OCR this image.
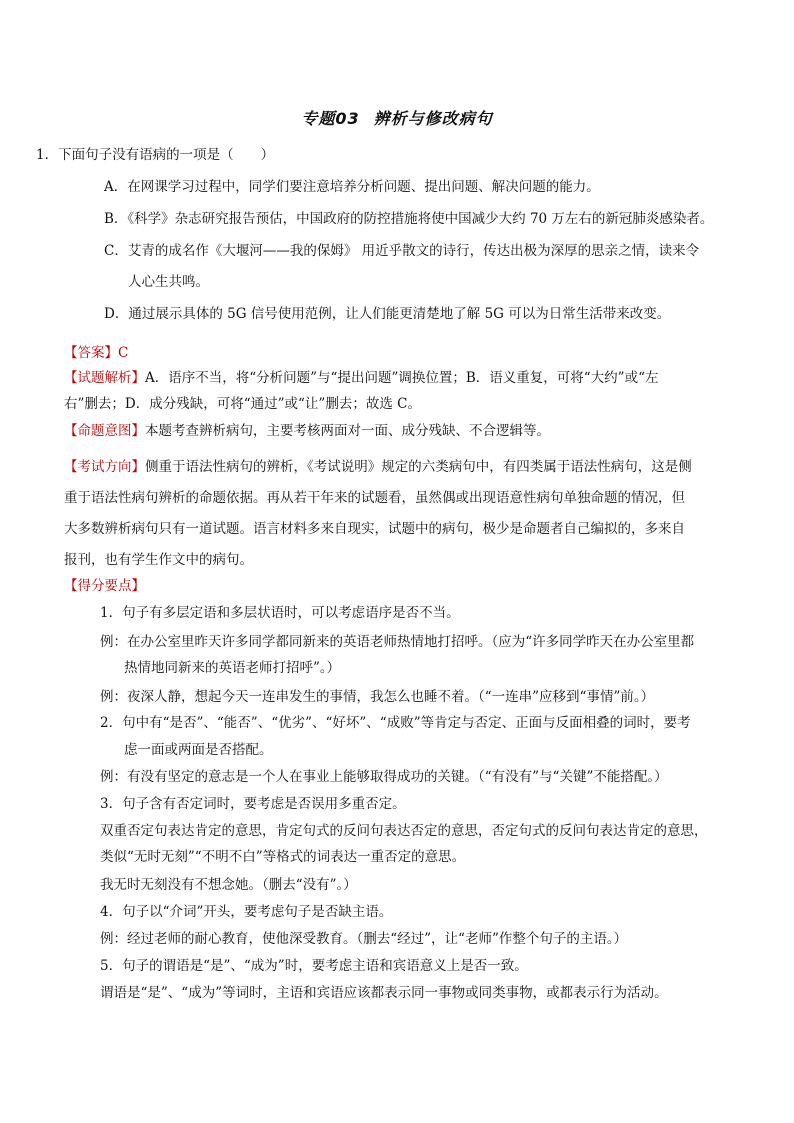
专题03 辨析与修改病句
1．下面句子没有语病的一项是（　　）
A．在网课学习过程中，同学们要注意培养分析问题、提出问题、解决问题的能力。
B．《科学》杂志研究报告预估，中国政府的防控措施将使中国减少大约 70 万左右的新冠肺炎感染者。
C．艾青的成名作《大堰河——我的保姆》 用近乎散文的诗行，传达出极为深厚的思亲之情，读来令
人心生共鸣。
D．通过展示具体的 5G 信号使用范例，让人们能更清楚地了解 5G 可以为日常生活带来改变。
【答案】C
【试题解析】A．语序不当，将“分析问题”与“提出问题”调换位置；B．语义重复，可将“大约”或“左
右”删去；D．成分残缺，可将“通过”或“让”删去；故选 C。
【命题意图】本题考查辨析病句，主要考核两面对一面、成分残缺、不合逻辑等。
【考试方向】侧重于语法性病句的辨析，《考试说明》规定的六类病句中，有四类属于语法性病句，这是侧
重于语法性病句辨析的命题依据。再从若干年来的试题看，虽然偶或出现语意性病句单独命题的情况，但
大多数辨析病句只有一道试题。语言材料多来自现实，试题中的病句，极少是命题者自己编拟的，多来自
报刊，也有学生作文中的病句。
【得分要点】
1．句子有多层定语和多层状语时，可以考虑语序是否不当。
例：在办公室里昨天许多同学都同新来的英语老师热情地打招呼。（应为“许多同学昨天在办公室里都
热情地同新来的英语老师打招呼”。）
例：夜深人静，想起今天一连串发生的事情，我怎么也睡不着。（“一连串”应移到“事情”前。）
2．句中有“是否”、“能否”、“优劣”、“好坏”、“成败”等肯定与否定、正面与反面相叠的词时，要考
虑一面或两面是否搭配。
例：有没有坚定的意志是一个人在事业上能够取得成功的关键。（“有没有”与“关键”不能搭配。）
3．句子含有否定词时，要考虑是否误用多重否定。
双重否定句表达肯定的意思，肯定句式的反问句表达否定的意思，否定句式的反问句表达肯定的意思，
类似“无时无刻”“不明不白”等格式的词表达一重否定的意思。
我无时无刻没有不想念她。（删去“没有”。）
4．句子以“介词”开头，要考虑句子是否缺主语。
例：经过老师的耐心教育，使他深受教育。（删去“经过”，让“老师”作整个句子的主语。）
5．句子的谓语是“是”、“成为”时，要考虑主语和宾语意义上是否一致。
谓语是“是”、“成为”等词时，主语和宾语应该都表示同一事物或同类事物，或都表示行为活动。
